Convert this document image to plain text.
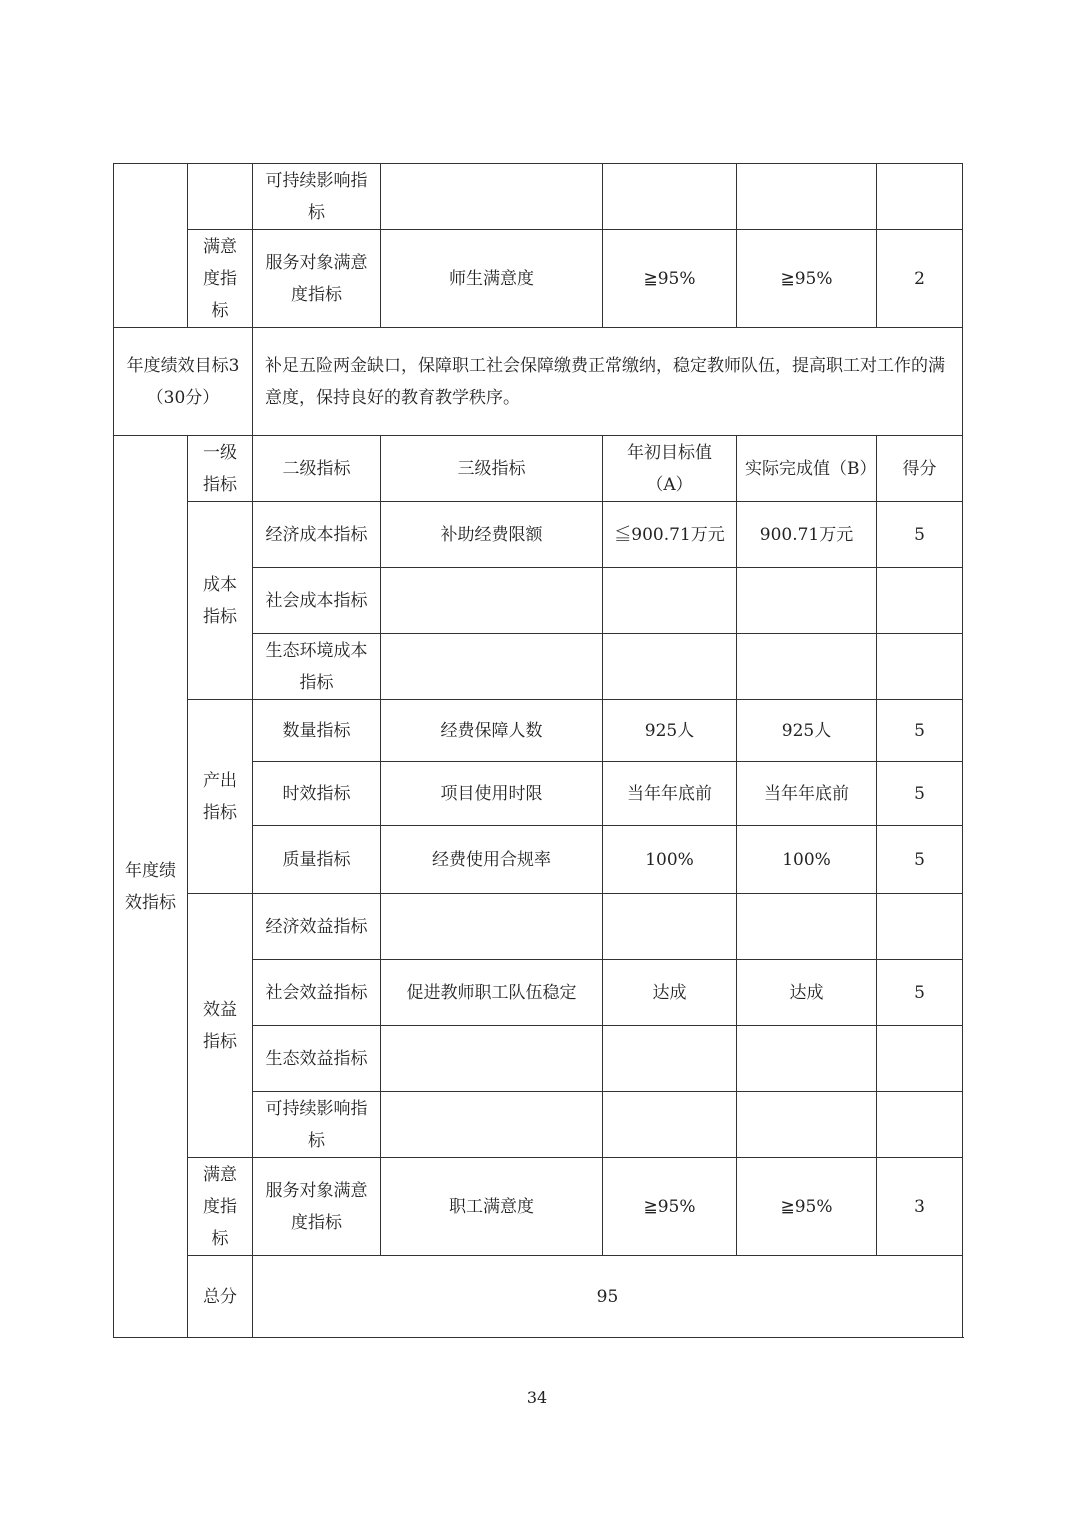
		可持续影响指标				
	满意度指标	服务对象满意度指标	师生满意度	≧95%	≧95%	2
年度绩效目标3（30分）		补足五险两金缺口，保障职工社会保障缴费正常缴纳，稳定教师队伍，提高职工对工作的满意度，保持良好的教育教学秩序。				
年度绩效指标	一级指标	二级指标	三级指标	年初目标值（A）	实际完成值（B）	得分
	成本指标	经济成本指标	补助经费限额	≦900.71万元	900.71万元	5
		社会成本指标				
		生态环境成本指标				
	产出指标	数量指标	经费保障人数	925人	925人	5
		时效指标	项目使用时限	当年年底前	当年年底前	5
		质量指标	经费使用合规率	100%	100%	5
	效益指标	经济效益指标				
		社会效益指标	促进教师职工队伍稳定	达成	达成	5
		生态效益指标				
		可持续影响指标				
	满意度指标	服务对象满意度指标	职工满意度	≧95%	≧95%	3
	总分	95				
34
